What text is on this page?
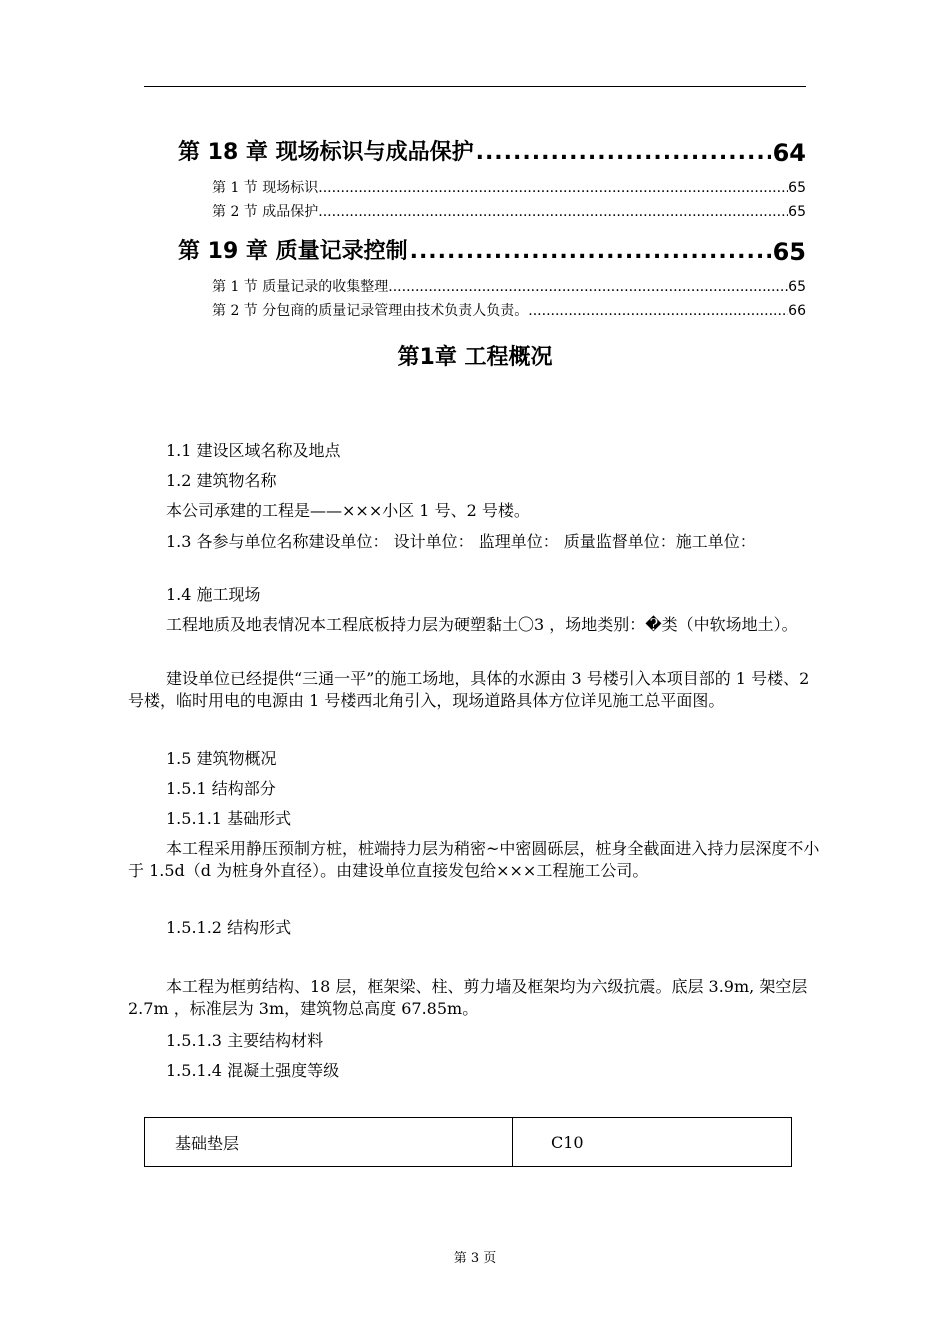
第 18 章 现场标识与成品保护 .....	64
第 1 节 现场标识 .....	65
第 2 节 成品保护 .....	65
第 19 章 质量记录控制 .....	65
第 1 节 质量记录的收集整理 .....	65
第 2 节 分包商的质量记录管理由技术负责人负责。 .....	66
第1章 工程概况
1.1 建设区域名称及地点
1.2 建筑物名称
本公司承建的工程是——×××小区 1 号、2 号楼。
1.3 各参与单位名称建设单位： 设计单位： 监理单位： 质量监督单位：施工单位：
1.4 施工现场
工程地质及地表情况本工程底板持力层为硬塑黏土〇3 ，场地类别：�类（中软场地土）。
建设单位已经提供“三通一平”的施工场地，具体的水源由 3 号楼引入本项目部的 1 号楼、2 号楼，临时用电的电源由 1 号楼西北角引入，现场道路具体方位详见施工总平面图。
1.5 建筑物概况
1.5.1 结构部分
1.5.1.1 基础形式
本工程采用静压预制方桩，桩端持力层为稍密~中密圆砾层，桩身全截面进入持力层深度不小于 1.5d（d 为桩身外直径）。由建设单位直接发包给×××工程施工公司。
1.5.1.2 结构形式
本工程为框剪结构、18 层，框架梁、柱、剪力墙及框架均为六级抗震。底层 3.9m, 架空层 2.7m ，标准层为 3m，建筑物总高度 67.85m。
1.5.1.3 主要结构材料
1.5.1.4 混凝土强度等级
基础垫层	C10
第 3 页
